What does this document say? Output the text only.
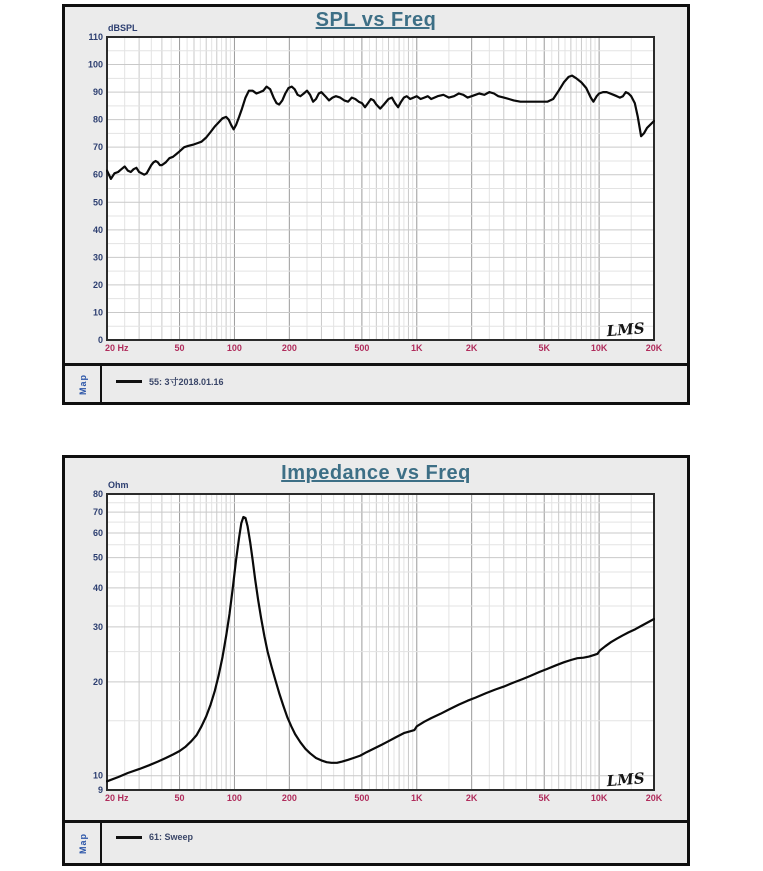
SPL vs Freq
110
100
90
80
70
60
50
40
30
20
10
0
20 Hz	50	100	200	500	1K	2K	5K	10K	20K
dBSPL
LMS
Map	55: 3寸2018.01.16
Impedance vs Freq
80
70
60
50
40
30
20
10
9
20 Hz	50	100	200	500	1K	2K	5K	10K	20K
Ohm
LMS
Map	61: Sweep
